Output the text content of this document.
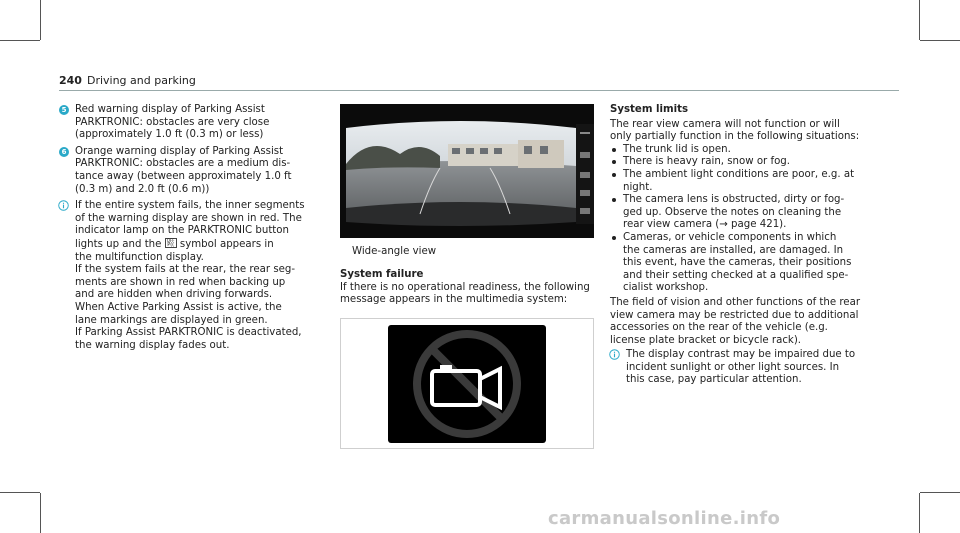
240 Driving and parking
5 Red warning display of Parking Assist
PARKTRONIC: obstacles are very close
(approximately 1.0 ft (0.3 m) or less)
6 Orange warning display of Parking Assist
PARKTRONIC: obstacles are a medium dis-
tance away (between approximately 1.0 ft
(0.3 m) and 2.0 ft (0.6 m))
If the entire system fails, the inner segments
of the warning display are shown in red. The
indicator lamp on the PARKTRONIC button
lights up and the OFF
P(( symbol appears in
the multifunction display.
If the system fails at the rear, the rear seg-
ments are shown in red when backing up
and are hidden when driving forwards.
When Active Parking Assist is active, the
lane markings are displayed in green.
If Parking Assist PARKTRONIC is deactivated,
the warning display fades out.
Wide-angle view
System failure
If there is no operational readiness, the following
message appears in the multimedia system:
System limits
The rear view camera will not function or will
only partially function in the following situations:
The trunk lid is open.
There is heavy rain, snow or fog.
The ambient light conditions are poor, e.g. at
night.
The camera lens is obstructed, dirty or fog-
ged up. Observe the notes on cleaning the
rear view camera (→ page 421).
Cameras, or vehicle components in which
the cameras are installed, are damaged. In
this event, have the cameras, their positions
and their setting checked at a qualified spe-
cialist workshop.
The field of vision and other functions of the rear
view camera may be restricted due to additional
accessories on the rear of the vehicle (e.g.
license plate bracket or bicycle rack).
The display contrast may be impaired due to
incident sunlight or other light sources. In
this case, pay particular attention.
carmanualsonline.info
